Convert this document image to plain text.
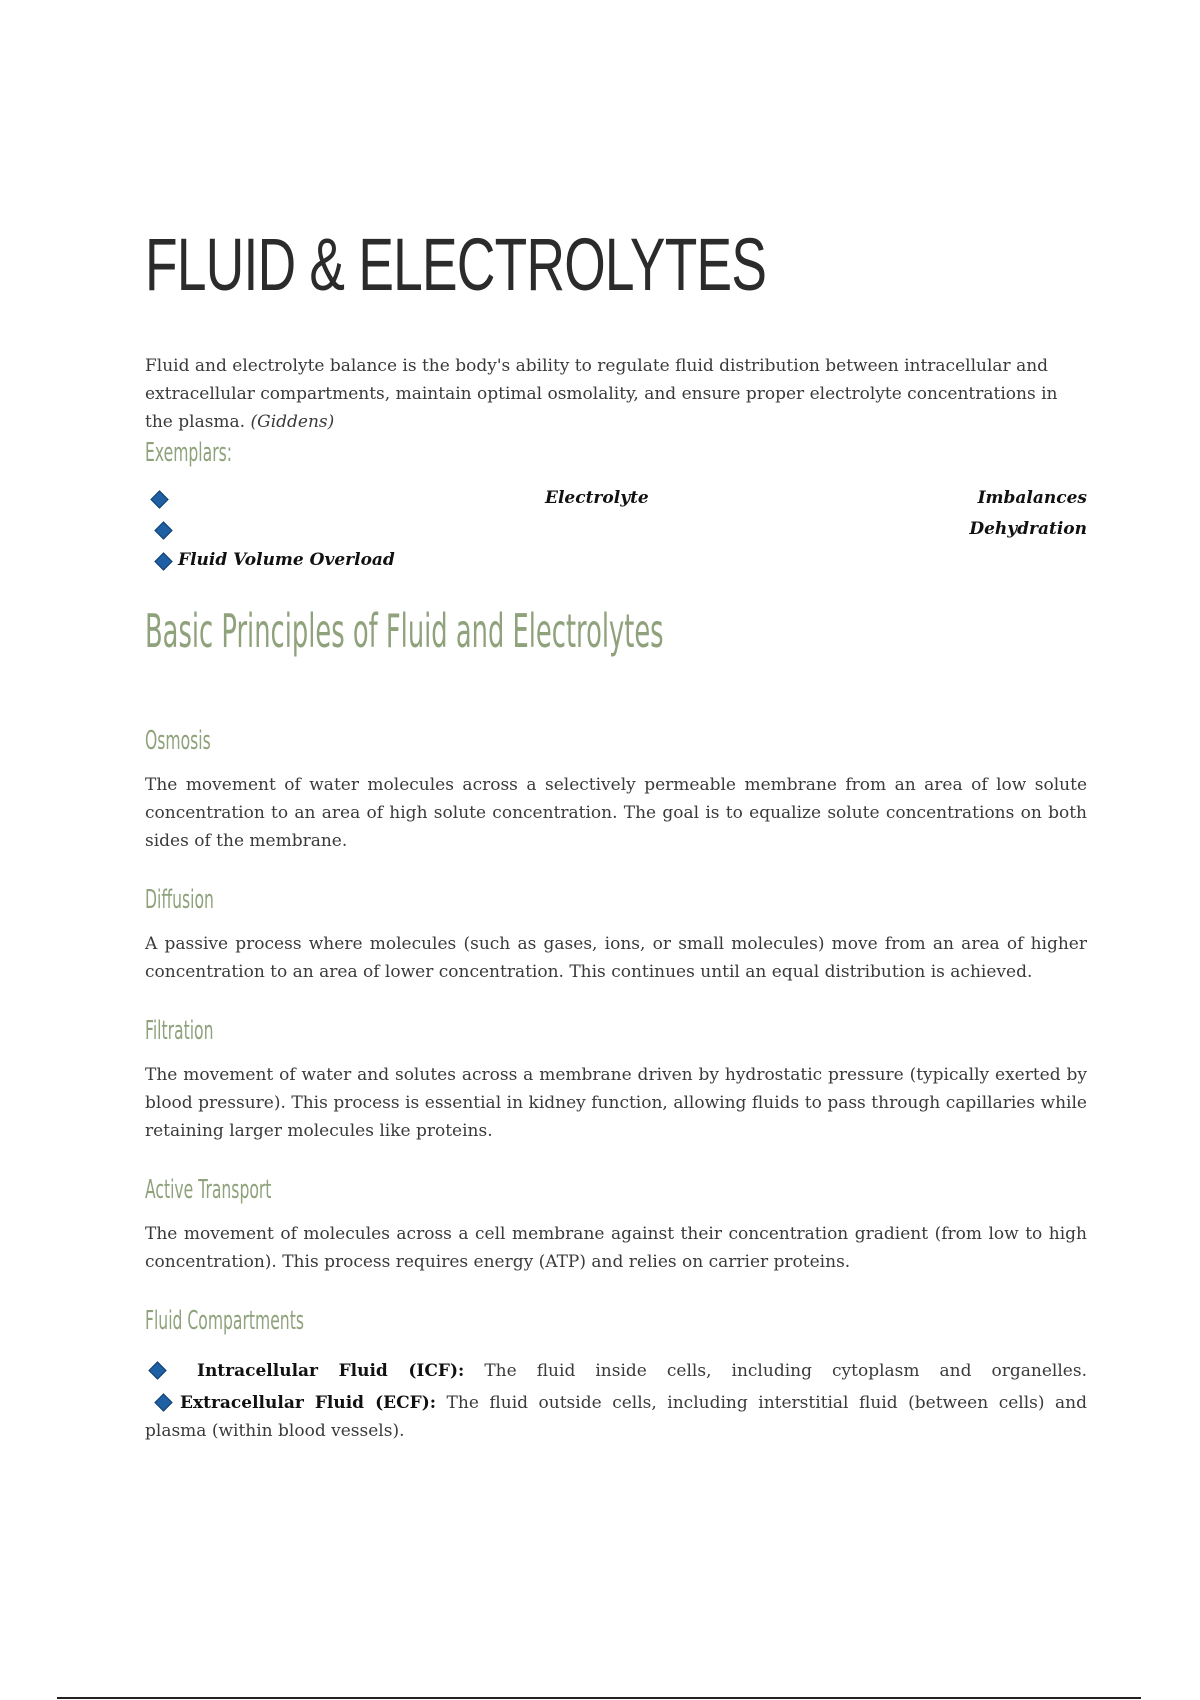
FLUID & ELECTROLYTES
Fluid and electrolyte balance is the body's ability to regulate fluid distribution between intracellular and extracellular compartments, maintain optimal osmolality, and ensure proper electrolyte concentrations in the plasma. (Giddens)
Exemplars:
Electrolyte	Imbalances
Dehydration
Fluid Volume Overload
Basic Principles of Fluid and Electrolytes
Osmosis
The movement of water molecules across a selectively permeable membrane from an area of low solute concentration to an area of high solute concentration. The goal is to equalize solute concentrations on both sides of the membrane.
Diffusion
A passive process where molecules (such as gases, ions, or small molecules) move from an area of higher concentration to an area of lower concentration. This continues until an equal distribution is achieved.
Filtration
The movement of water and solutes across a membrane driven by hydrostatic pressure (typically exerted by blood pressure). This process is essential in kidney function, allowing fluids to pass through capillaries while retaining larger molecules like proteins.
Active Transport
The movement of molecules across a cell membrane against their concentration gradient (from low to high concentration). This process requires energy (ATP) and relies on carrier proteins.
Fluid Compartments
Intracellular Fluid (ICF): The fluid inside cells, including cytoplasm and organelles.
Extracellular Fluid (ECF): The fluid outside cells, including interstitial fluid (between cells) and plasma (within blood vessels).
